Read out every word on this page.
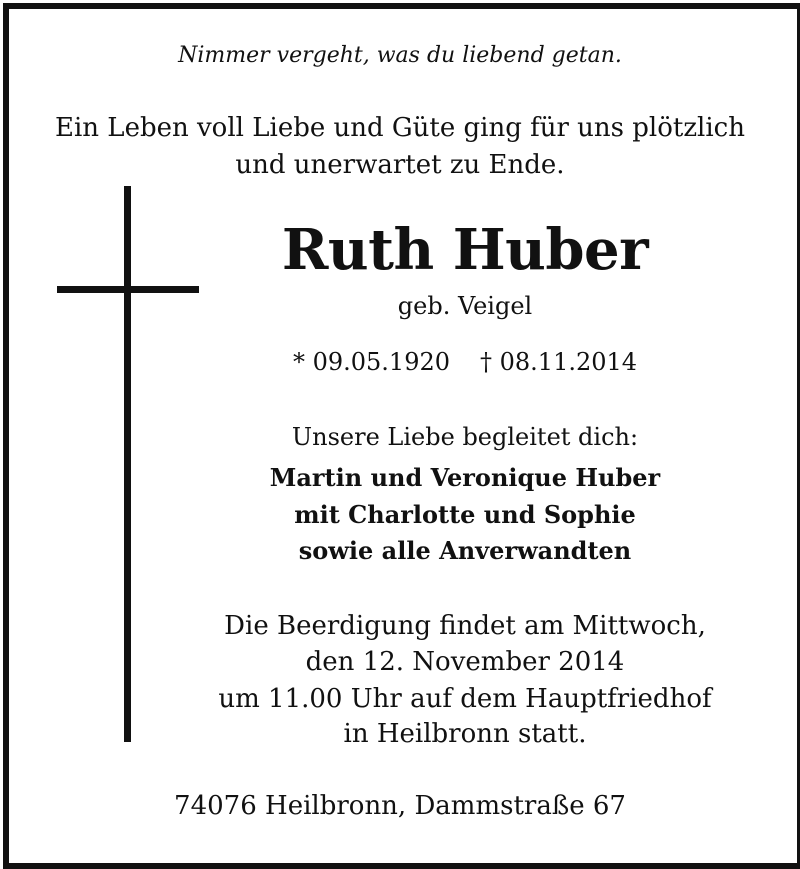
Nimmer vergeht, was du liebend getan.
Ein Leben voll Liebe und Güte ging für uns plötzlich
und unerwartet zu Ende.
Ruth Huber
geb. Veigel
* 09.05.1920 † 08.11.2014
Unsere Liebe begleitet dich:
Martin und Veronique Huber
mit Charlotte und Sophie
sowie alle Anverwandten
Die Beerdigung findet am Mittwoch,
den 12. November 2014
um 11.00 Uhr auf dem Hauptfriedhof
in Heilbronn statt.
74076 Heilbronn, Dammstraße 67
